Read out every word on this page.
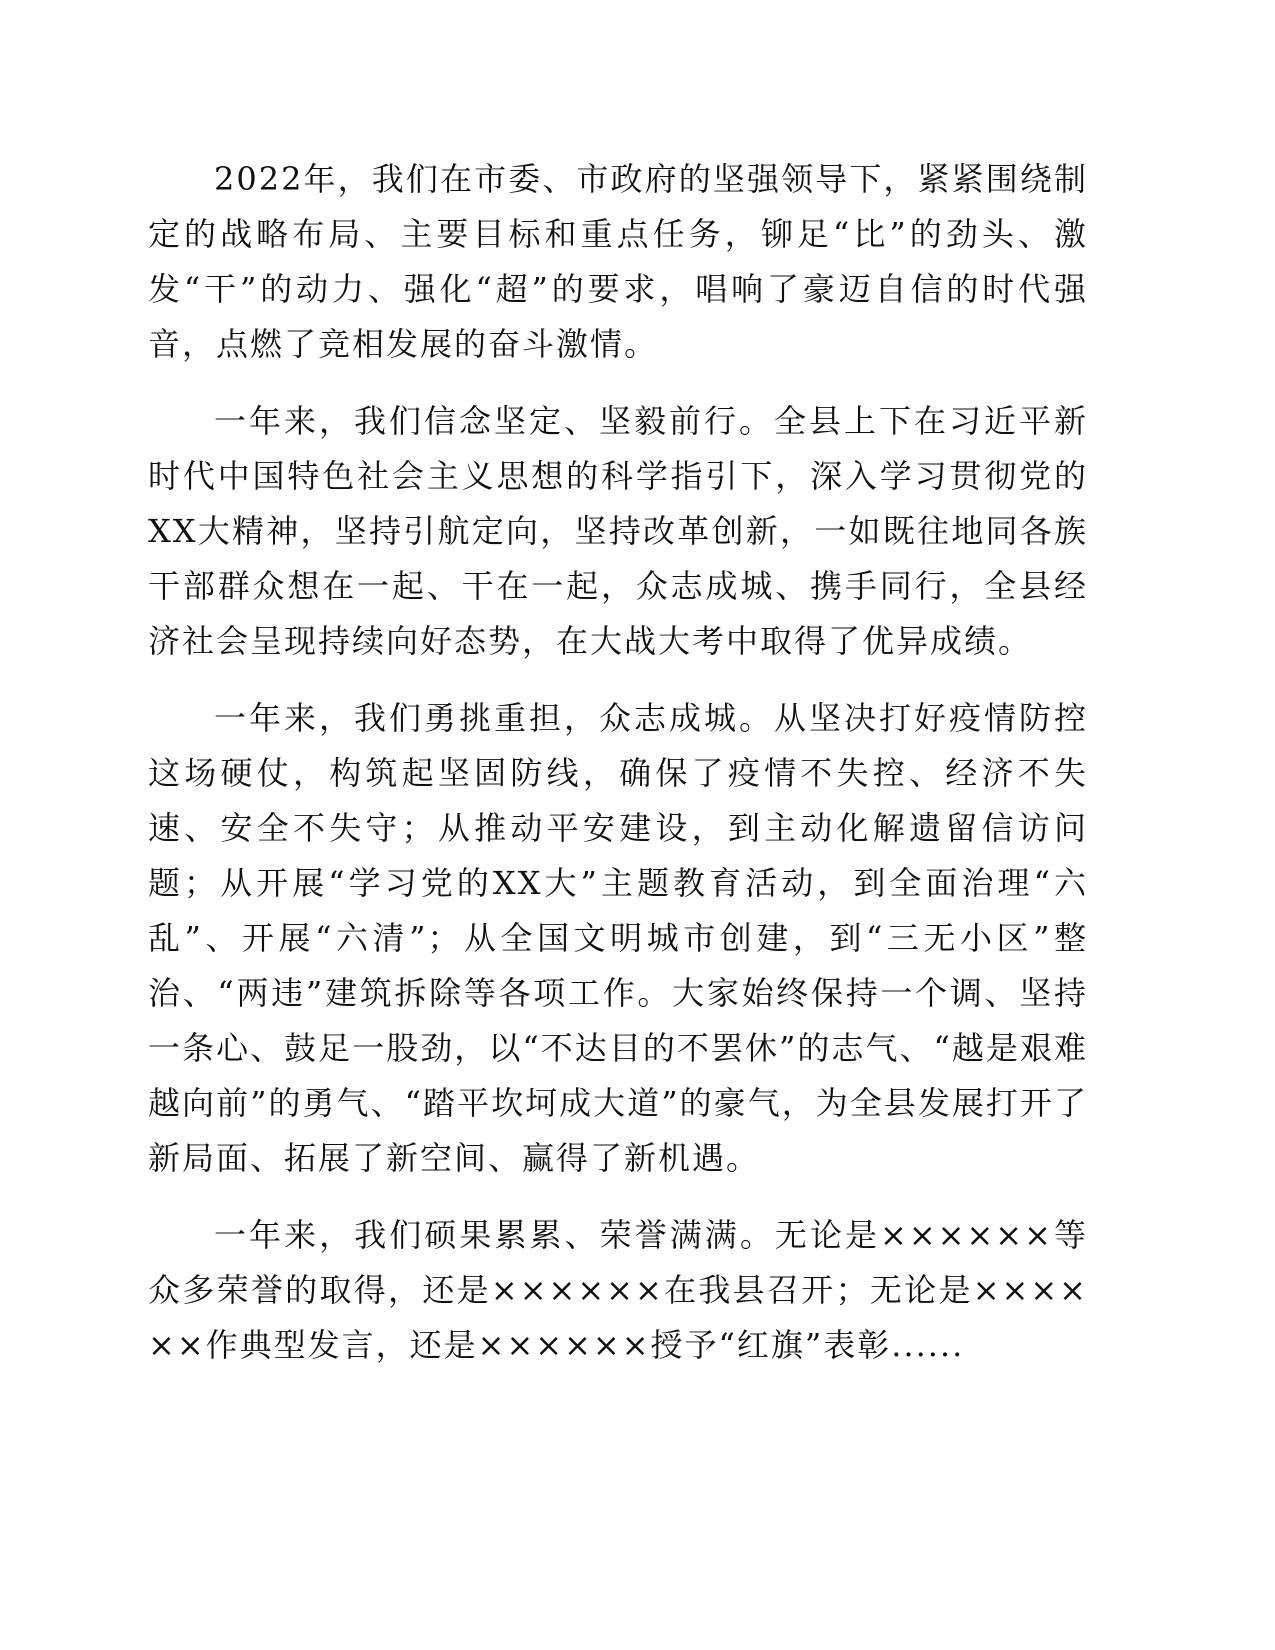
2022年，我们在市委、市政府的坚强领导下，紧紧围绕制定的战略布局、主要目标和重点任务，铆足“比”的劲头、激发“干”的动力、强化“超”的要求，唱响了豪迈自信的时代强音，点燃了竞相发展的奋斗激情。

一年来，我们信念坚定、坚毅前行。全县上下在习近平新时代中国特色社会主义思想的科学指引下，深入学习贯彻党的XX大精神，坚持引航定向，坚持改革创新，一如既往地同各族干部群众想在一起、干在一起，众志成城、携手同行，全县经济社会呈现持续向好态势，在大战大考中取得了优异成绩。

一年来，我们勇挑重担，众志成城。从坚决打好疫情防控这场硬仗，构筑起坚固防线，确保了疫情不失控、经济不失速、安全不失守；从推动平安建设，到主动化解遗留信访问题；从开展“学习党的XX大”主题教育活动，到全面治理“六乱”、开展“六清”；从全国文明城市创建，到“三无小区”整治、“两违”建筑拆除等各项工作。大家始终保持一个调、坚持一条心、鼓足一股劲，以“不达目的不罢休”的志气、“越是艰难越向前”的勇气、“踏平坎坷成大道”的豪气，为全县发展打开了新局面、拓展了新空间、赢得了新机遇。

一年来，我们硕果累累、荣誉满满。无论是××××××等众多荣誉的取得，还是××××××在我县召开；无论是××××××作典型发言，还是××××××授予“红旗”表彰......
